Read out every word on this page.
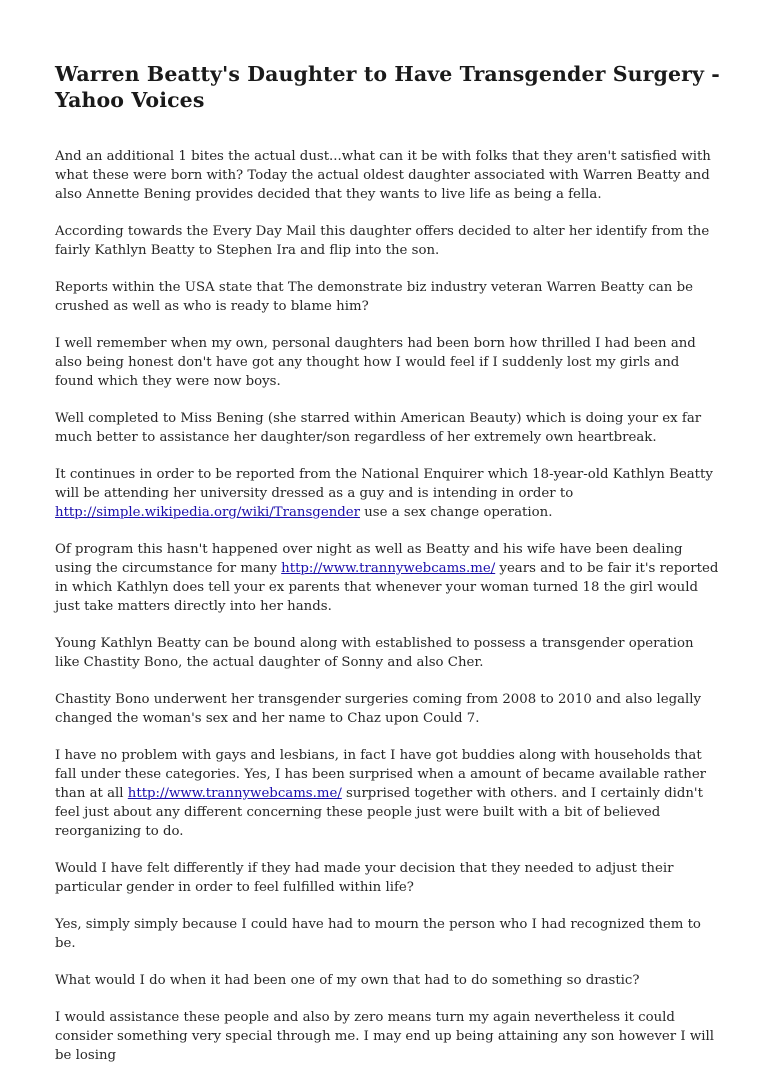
Warren Beatty's Daughter to Have Transgender Surgery - Yahoo Voices

And an additional 1 bites the actual dust...what can it be with folks that they aren't satisfied with what these were born with? Today the actual oldest daughter associated with Warren Beatty and also Annette Bening provides decided that they wants to live life as being a fella.

According towards the Every Day Mail this daughter offers decided to alter her identify from the fairly Kathlyn Beatty to Stephen Ira and flip into the son.

Reports within the USA state that The demonstrate biz industry veteran Warren Beatty can be crushed as well as who is ready to blame him?

I well remember when my own, personal daughters had been born how thrilled I had been and also being honest don't have got any thought how I would feel if I suddenly lost my girls and found which they were now boys.

Well completed to Miss Bening (she starred within American Beauty) which is doing your ex far much better to assistance her daughter/son regardless of her extremely own heartbreak.

It continues in order to be reported from the National Enquirer which 18-year-old Kathlyn Beatty will be attending her university dressed as a guy and is intending in order to http://simple.wikipedia.org/wiki/Transgender use a sex change operation.

Of program this hasn't happened over night as well as Beatty and his wife have been dealing using the circumstance for many http://www.trannywebcams.me/ years and to be fair it's reported in which Kathlyn does tell your ex parents that whenever your woman turned 18 the girl would just take matters directly into her hands.

Young Kathlyn Beatty can be bound along with established to possess a transgender operation like Chastity Bono, the actual daughter of Sonny and also Cher.

Chastity Bono underwent her transgender surgeries coming from 2008 to 2010 and also legally changed the woman's sex and her name to Chaz upon Could 7.

I have no problem with gays and lesbians, in fact I have got buddies along with households that fall under these categories. Yes, I has been surprised when a amount of became available rather than at all http://www.trannywebcams.me/ surprised together with others. and I certainly didn't feel just about any different concerning these people just were built with a bit of believed reorganizing to do.

Would I have felt differently if they had made your decision that they needed to adjust their particular gender in order to feel fulfilled within life?

Yes, simply simply because I could have had to mourn the person who I had recognized them to be.

What would I do when it had been one of my own that had to do something so drastic?

I would assistance these people and also by zero means turn my again nevertheless it could consider something very special through me. I may end up being attaining any son however I will be losing
